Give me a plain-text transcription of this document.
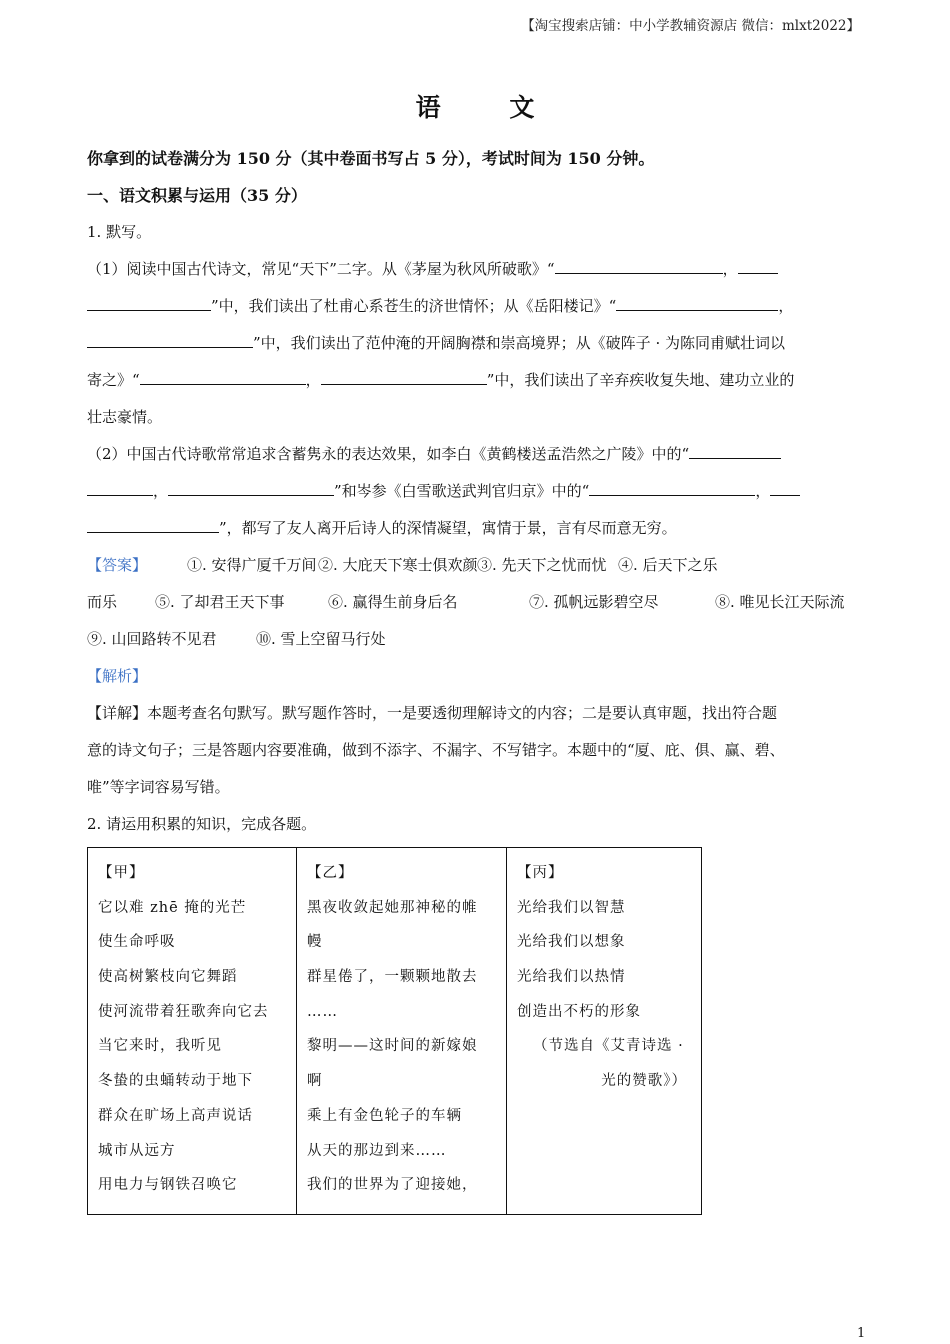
【淘宝搜索店铺：中小学教辅资源店 微信：mlxt2022】
语 文
你拿到的试卷满分为 150 分（其中卷面书写占 5 分），考试时间为 150 分钟。
一、语文积累与运用（35 分）
1. 默写。
（1）阅读中国古代诗文，常见“天下”二字。从《茅屋为秋风所破歌》“	，
”中，我们读出了杜甫心系苍生的济世情怀；从《岳阳楼记》“	，
”中，我们读出了范仲淹的开阔胸襟和崇高境界；从《破阵子 · 为陈同甫赋壮词以
寄之》“	，	”中，我们读出了辛弃疾收复失地、建功立业的
壮志豪情。
（2）中国古代诗歌常常追求含蓄隽永的表达效果，如李白《黄鹤楼送孟浩然之广陵》中的“
，	”和岑参《白雪歌送武判官归京》中的“	，
”，都写了友人离开后诗人的深情凝望，寓情于景，言有尽而意无穷。
【答案】	①. 安得广厦千万间 ②. 大庇天下寒士俱欢颜 ③. 先天下之忧而忧 ④. 后天下之乐
而乐	⑤. 了却君王天下事	⑥. 赢得生前身后名	⑦. 孤帆远影碧空尽	⑧. 唯见长江天际流
⑨. 山回路转不见君	⑩. 雪上空留马行处
【解析】
【详解】本题考查名句默写。默写题作答时，一是要透彻理解诗文的内容；二是要认真审题，找出符合题
意的诗文句子；三是答题内容要准确，做到不添字、不漏字、不写错字。本题中的“厦、庇、俱、赢、碧、
唯”等字词容易写错。
2. 请运用积累的知识，完成各题。
【甲】
它以难 zhē 掩的光芒
使生命呼吸
使高树繁枝向它舞蹈
使河流带着狂歌奔向它去
当它来时，我听见
冬蛰的虫蛹转动于地下
群众在旷场上高声说话
城市从远方
用电力与钢铁召唤它

【乙】
黑夜收敛起她那神秘的帷
幔
群星倦了，一颗颗地散去
……
黎明——这时间的新嫁娘
啊
乘上有金色轮子的车辆
从天的那边到来……
我们的世界为了迎接她，

【丙】
光给我们以智慧
光给我们以想象
光给我们以热情
创造出不朽的形象
（节选自《艾青诗选 ·
光的赞歌》）
1
